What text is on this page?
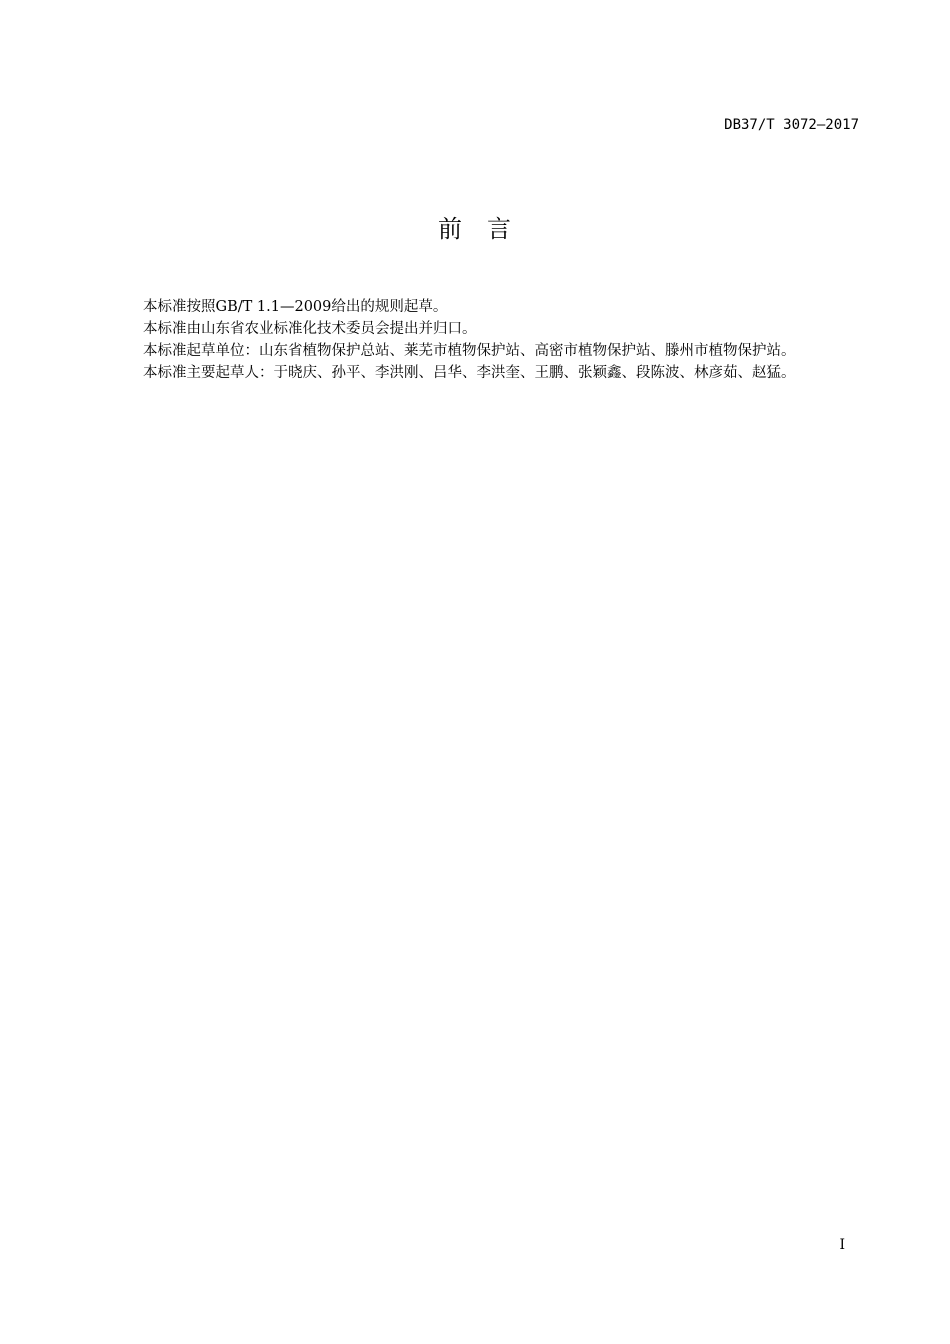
DB37/T 3072—2017
前 言

本标准按照GB/T 1.1—2009给出的规则起草。

本标准由山东省农业标准化技术委员会提出并归口。

本标准起草单位：山东省植物保护总站、莱芜市植物保护站、高密市植物保护站、滕州市植物保护站。

本标准主要起草人：于晓庆、孙平、李洪刚、吕华、李洪奎、王鹏、张颖鑫、段陈波、林彦茹、赵猛。

I
